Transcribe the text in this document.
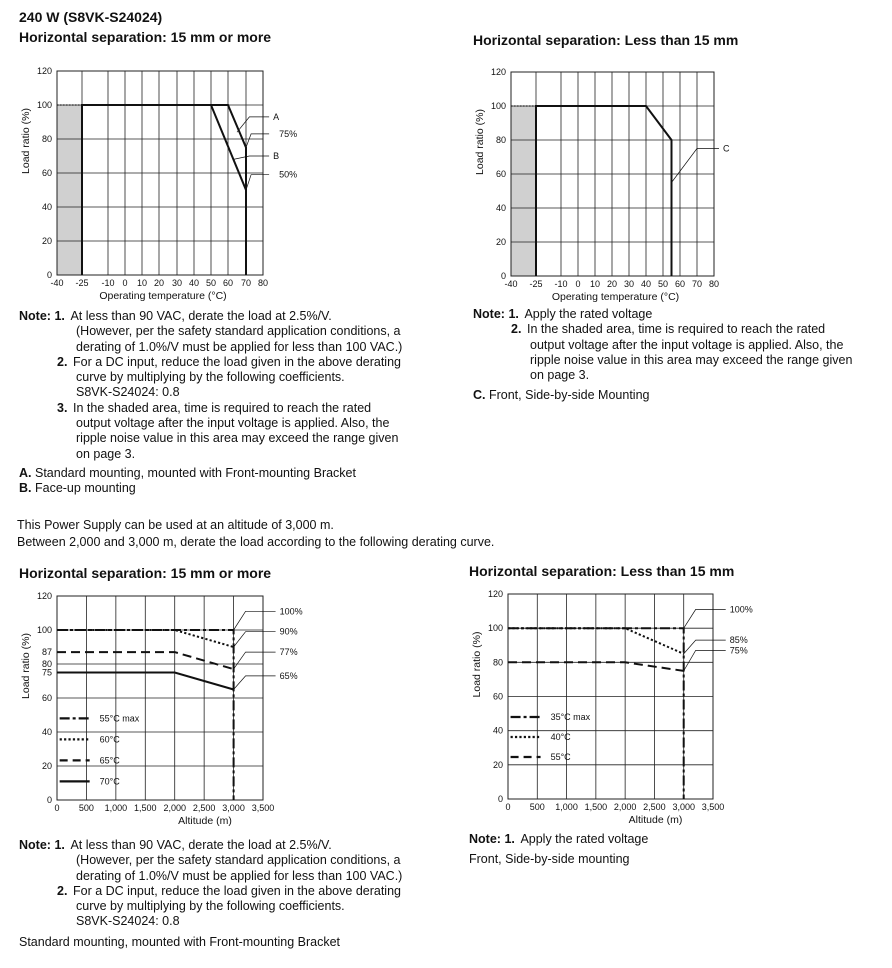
240 W (S8VK-S24024)
Horizontal separation: 15 mm or more	Horizontal separation: Less than 15 mm
0
20
40
60
80
100
120
-40 -25 -10 0 10 20 30 40 50 60 70 80
Operating temperature (°C)
Load ratio (%)	A
75%
B
50%
0
20
40
60
80
100
120
-40 -25 -10 0 10 20 30 40 50 60 70 80
Operating temperature (°C)
Load ratio (%)	C
0
20
40
60
75
80
87
100
120
0 500 1,000 1,500 2,000 2,500 3,000 3,500
Altitude (m)
Load ratio (%)
55°C max
60°C
65°C
70°C
100%
90%
77%
65%
0
20
40
60
80
100
120
0 500 1,000 1,500 2,000 2,500 3,000 3,500
Altitude (m)
Load ratio (%)
35°C max
40°C
55°C
100%
85%
75%
Note: 1. At less than 90 VAC, derate the load at 2.5%/V.
(However, per the safety standard application conditions, a
derating of 1.0%/V must be applied for less than 100 VAC.)
2. For a DC input, reduce the load given in the above derating
curve by multiplying by the following coefficients.
S8VK-S24024: 0.8
3. In the shaded area, time is required to reach the rated
output voltage after the input voltage is applied. Also, the
ripple noise value in this area may exceed the range given
on page 3.
A. Standard mounting, mounted with Front-mounting Bracket
B. Face-up mounting
Note: 1. Apply the rated voltage
2. In the shaded area, time is required to reach the rated
output voltage after the input voltage is applied. Also, the
ripple noise value in this area may exceed the range given
on page 3.
C. Front, Side-by-side Mounting
This Power Supply can be used at an altitude of 3,000 m.
Between 2,000 and 3,000 m, derate the load according to the following derating curve.
Horizontal separation: 15 mm or more	Horizontal separation: Less than 15 mm
Note: 1. At less than 90 VAC, derate the load at 2.5%/V.
(However, per the safety standard application conditions, a
derating of 1.0%/V must be applied for less than 100 VAC.)
2. For a DC input, reduce the load given in the above derating
curve by multiplying by the following coefficients.
S8VK-S24024: 0.8
Standard mounting, mounted with Front-mounting Bracket
Note: 1. Apply the rated voltage
Front, Side-by-side mounting
